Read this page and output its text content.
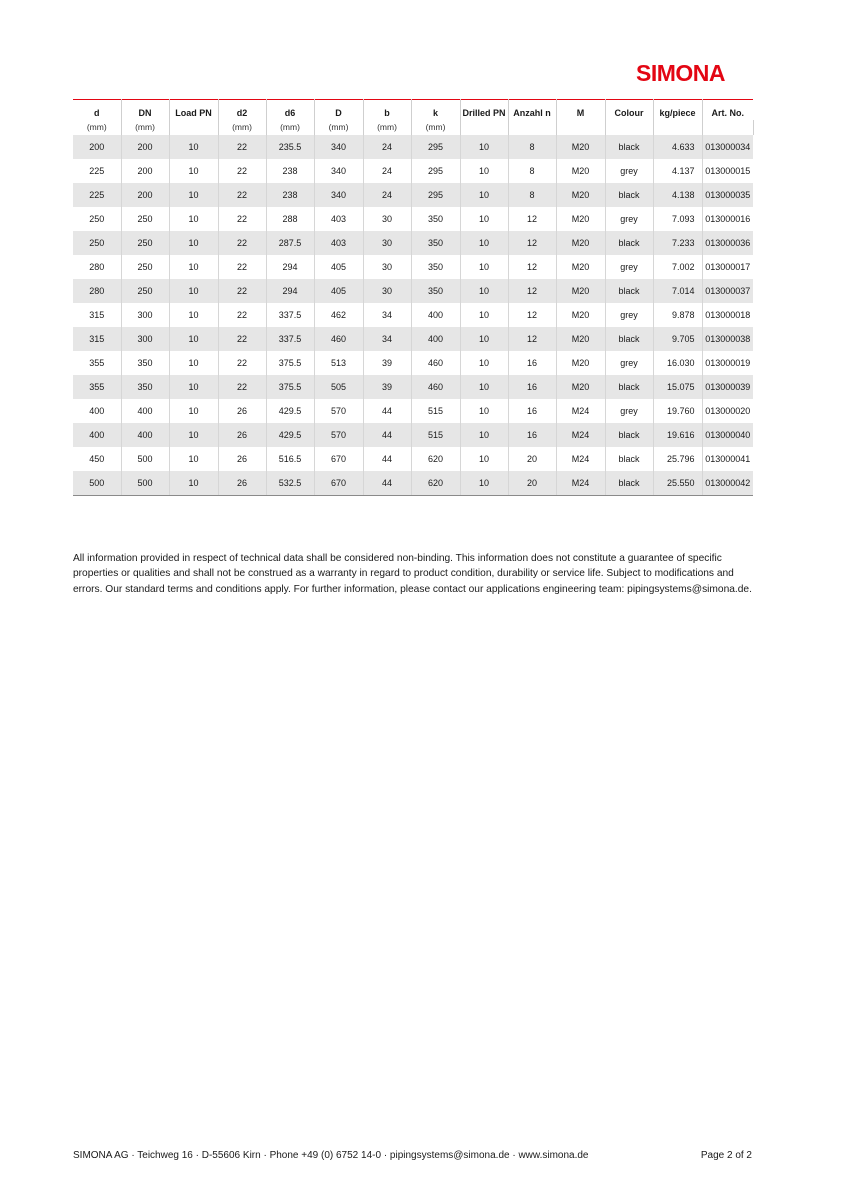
SIMONA
d	DN	Load PN	d2	d6	D	b	k	Drilled PN	Anzahl n	M	Colour	kg/piece	Art. No.
(mm)	(mm)		(mm)	(mm)	(mm)	(mm)	(mm)						
200	200	10	22	235.5	340	24	295	10	8	M20	black	4.633	013000034
225	200	10	22	238	340	24	295	10	8	M20	grey	4.137	013000015
225	200	10	22	238	340	24	295	10	8	M20	black	4.138	013000035
250	250	10	22	288	403	30	350	10	12	M20	grey	7.093	013000016
250	250	10	22	287.5	403	30	350	10	12	M20	black	7.233	013000036
280	250	10	22	294	405	30	350	10	12	M20	grey	7.002	013000017
280	250	10	22	294	405	30	350	10	12	M20	black	7.014	013000037
315	300	10	22	337.5	462	34	400	10	12	M20	grey	9.878	013000018
315	300	10	22	337.5	460	34	400	10	12	M20	black	9.705	013000038
355	350	10	22	375.5	513	39	460	10	16	M20	grey	16.030	013000019
355	350	10	22	375.5	505	39	460	10	16	M20	black	15.075	013000039
400	400	10	26	429.5	570	44	515	10	16	M24	grey	19.760	013000020
400	400	10	26	429.5	570	44	515	10	16	M24	black	19.616	013000040
450	500	10	26	516.5	670	44	620	10	20	M24	black	25.796	013000041
500	500	10	26	532.5	670	44	620	10	20	M24	black	25.550	013000042
All information provided in respect of technical data shall be considered non-binding. This information does not constitute a guarantee of specific properties or qualities and shall not be construed as a warranty in regard to product condition, durability or service life. Subject to modifications and errors. Our standard terms and conditions apply. For further information, please contact our applications engineering team: pipingsystems@simona.de.
SIMONA AG · Teichweg 16 · D-55606 Kirn · Phone +49 (0) 6752 14-0 · pipingsystems@simona.de · www.simona.de	Page 2 of 2
